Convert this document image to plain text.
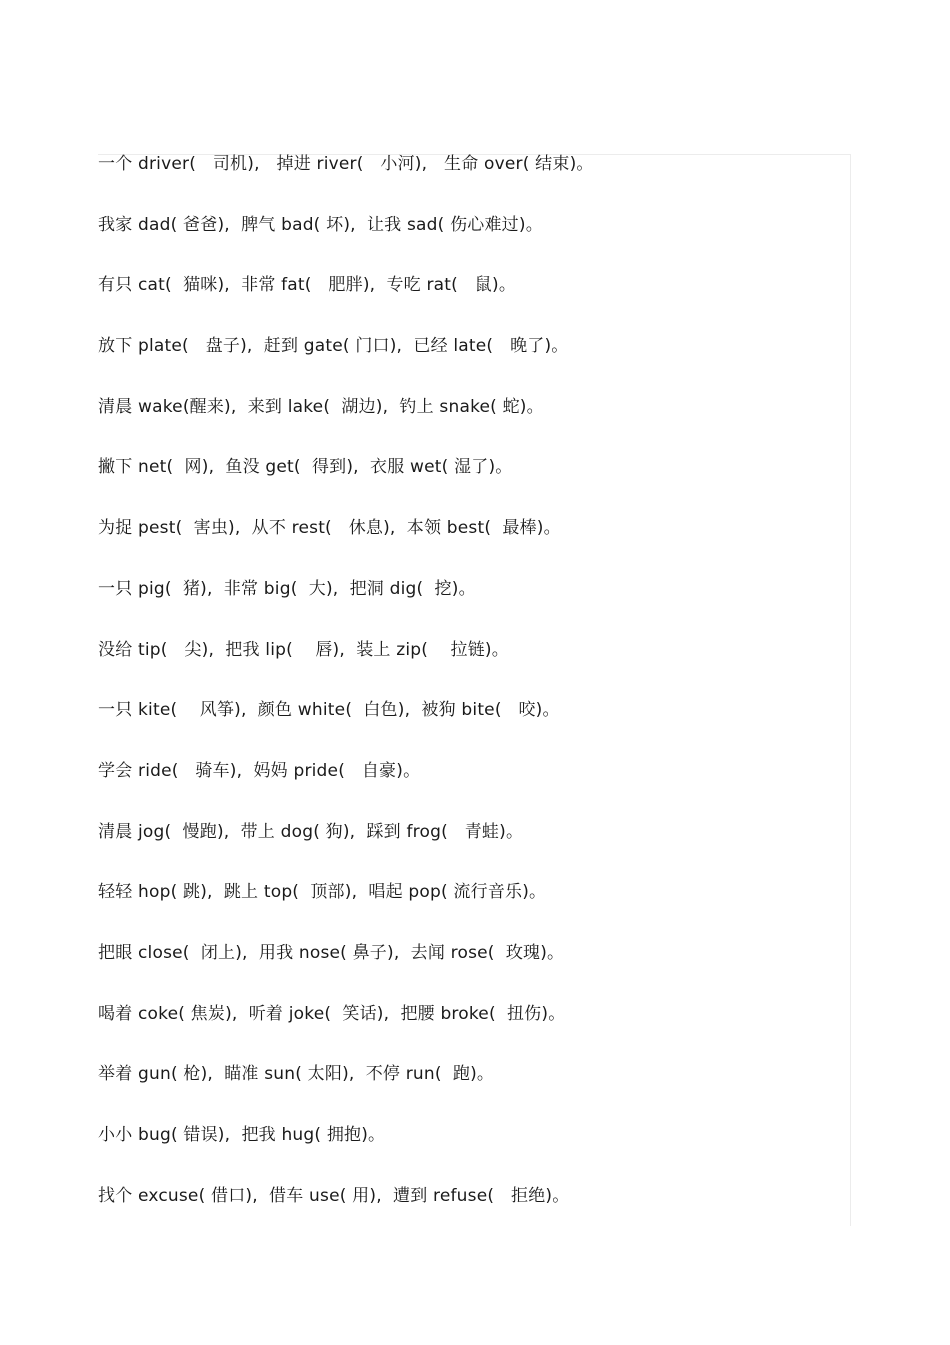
一个 driver(   司机),   掉进 river(   小河),   生命 over( 结束)。
我家 dad( 爸爸),  脾气 bad( 坏),  让我 sad( 伤心难过)。
有只 cat(  猫咪),  非常 fat(   肥胖),  专吃 rat(   鼠)。
放下 plate(   盘子),  赶到 gate( 门口),  已经 late(   晚了)。
清晨 wake(醒来),  来到 lake(  湖边),  钓上 snake( 蛇)。
撇下 net(  网),  鱼没 get(  得到),  衣服 wet( 湿了)。
为捉 pest(  害虫),  从不 rest(   休息),  本领 best(  最棒)。
一只 pig(  猪),  非常 big(  大),  把洞 dig(  挖)。
没给 tip(   尖),  把我 lip(    唇),  装上 zip(    拉链)。
一只 kite(    风筝),  颜色 white(  白色),  被狗 bite(   咬)。
学会 ride(   骑车),  妈妈 pride(   自豪)。
清晨 jog(  慢跑),  带上 dog( 狗),  踩到 frog(   青蛙)。
轻轻 hop( 跳),  跳上 top(  顶部),  唱起 pop( 流行音乐)。
把眼 close(  闭上),  用我 nose( 鼻子),  去闻 rose(  玫瑰)。
喝着 coke( 焦炭),  听着 joke(  笑话),  把腰 broke(  扭伤)。
举着 gun( 枪),  瞄准 sun( 太阳),  不停 run(  跑)。
小小 bug( 错误),  把我 hug( 拥抱)。
找个 excuse( 借口),  借车 use( 用),  遭到 refuse(   拒绝)。
